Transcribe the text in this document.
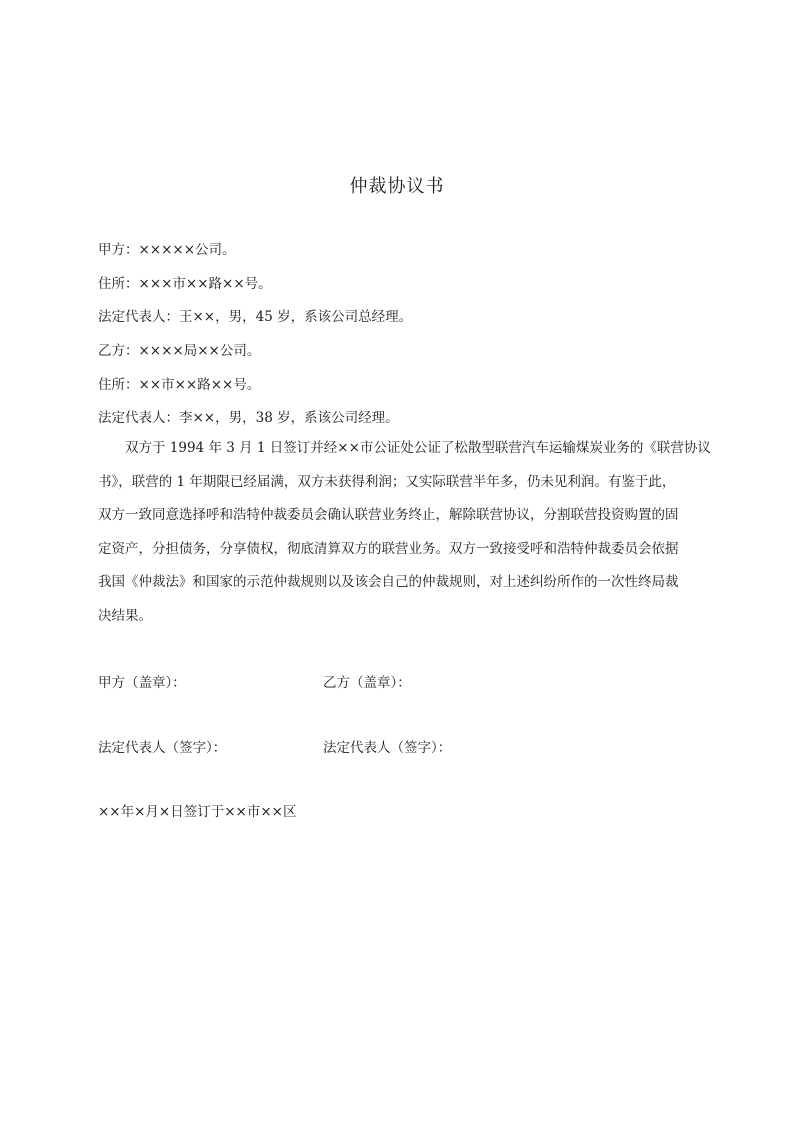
仲裁协议书
甲方：×××××公司。
住所：×××市××路××号。
法定代表人：王××，男，45 岁，系该公司总经理。
乙方：××××局××公司。
住所：××市××路××号。
法定代表人：李××，男，38 岁，系该公司经理。
双方于 1994 年 3 月 1 日签订并经××市公证处公证了松散型联营汽车运输煤炭业务的《联营协议
书》，联营的 1 年期限已经届满，双方未获得利润；又实际联营半年多，仍未见利润。有鉴于此，
双方一致同意选择呼和浩特仲裁委员会确认联营业务终止，解除联营协议，分割联营投资购置的固
定资产，分担债务，分享债权，彻底清算双方的联营业务。双方一致接受呼和浩特仲裁委员会依据
我国《仲裁法》和国家的示范仲裁规则以及该会自己的仲裁规则，对上述纠纷所作的一次性终局裁
决结果。
甲方（盖章）：	乙方（盖章）：
法定代表人（签字）：	法定代表人（签字）：
××年×月×日签订于××市××区
